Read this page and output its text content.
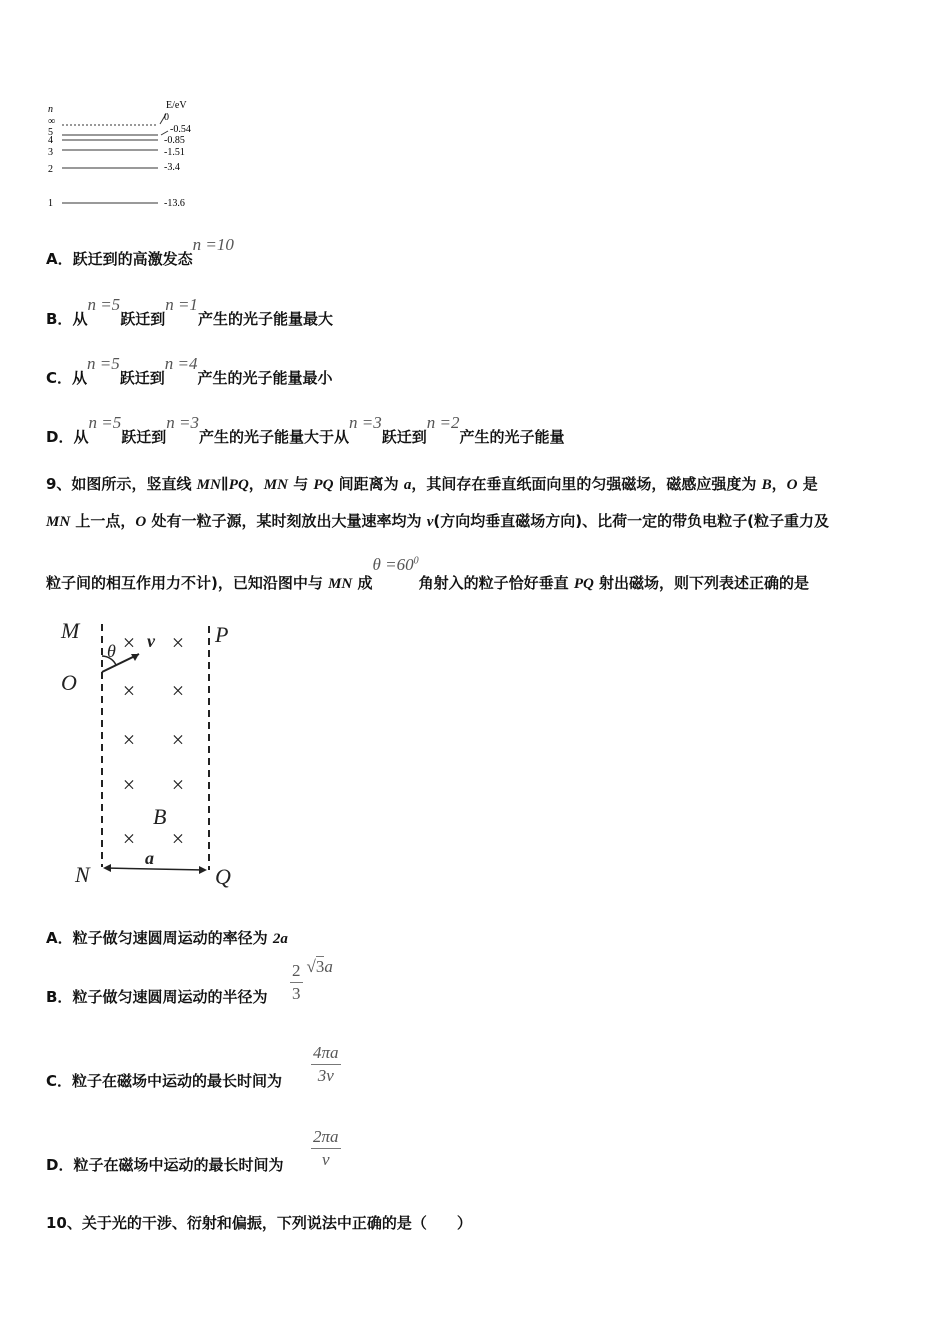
n	E/eV
∞
5
4
3
2
1
0
-0.54
-0.85
-1.51
-3.4
-13.6
A．跃迁到的高激发态n =10
B．从n =5跃迁到n =1产生的光子能量最大
C．从n =5跃迁到n =4产生的光子能量最小
D．从n =5跃迁到n =3产生的光子能量大于从n =3跃迁到n =2产生的光子能量
9、如图所示，竖直线 MN∥PQ，MN 与 PQ 间距离为 a，其间存在垂直纸面向里的匀强磁场，磁感应强度为 B，O 是
MN 上一点，O 处有一粒子源，某时刻放出大量速率均为 v(方向均垂直磁场方向)、比荷一定的带负电粒子(粒子重力及
粒子间的相互作用力不计)，已知沿图中与 MN 成$\theta =60^0$角射入的粒子恰好垂直 PQ 射出磁场，则下列表述正确的是
M	P
O
N	Q
B
θ v
a
× ×
× ×
× ×
× ×
× ×
A．粒子做匀速圆周运动的率径为 2a
B．粒子做匀速圆周运动的半径为 $\frac{2}{3} √3a$
C．粒子在磁场中运动的最长时间为 $\frac{4\pi a}{3v}$
D．粒子在磁场中运动的最长时间为 $\frac{2\pi a}{v}$
10、关于光的干涉、衍射和偏振，下列说法中正确的是（　　）
